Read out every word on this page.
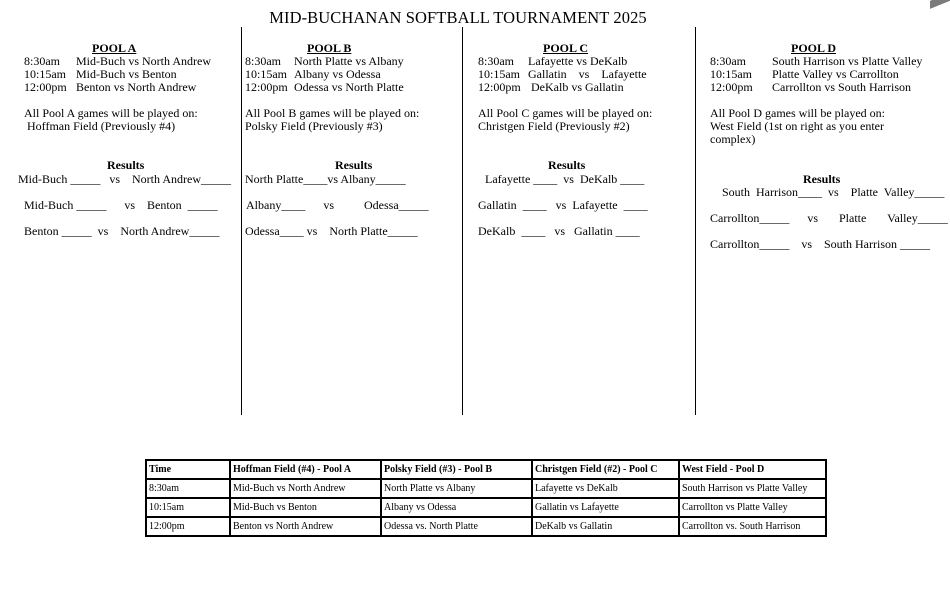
MID-BUCHANAN SOFTBALL TOURNAMENT 2025
POOL A
8:30am	Mid-Buch vs North Andrew
10:15am Mid-Buch vs Benton
12:00pm Benton vs North Andrew
All Pool A games will be played on:
Hoffman Field (Previously #4)
Results
Mid-Buch _____   vs    North Andrew_____
Mid-Buch _____      vs    Benton  _____
Benton _____  vs    North Andrew_____
POOL B
8:30am	North Platte vs Albany
10:15am Albany vs Odessa
12:00pm Odessa vs North Platte
All Pool B games will be played on:
Polsky Field (Previously #3)
Results
North Platte____vs Albany_____
Albany____      vs          Odessa_____
Odessa____ vs    North Platte_____
POOL C
8:30am	Lafayette vs DeKalb
10:15am Gallatin    vs    Lafayette
12:00pm DeKalb vs Gallatin
All Pool C games will be played on:
Christgen Field (Previously #2)
Results
Lafayette ____  vs  DeKalb ____
Gallatin  ____   vs  Lafayette  ____
DeKalb  ____   vs   Gallatin ____
POOL D
8:30am	South Harrison vs Platte Valley
10:15am	Platte Valley vs Carrollton
12:00pm	Carrollton vs South Harrison
All Pool D games will be played on:
West Field (1st on right as you enter complex)
Results
South  Harrison____  vs    Platte  Valley_____
Carrollton_____      vs       Platte       Valley_____
Carrollton_____    vs    South Harrison _____
Time	Hoffman Field (#4) - Pool A	Polsky Field (#3) - Pool B	Christgen Field (#2) - Pool C	West Field - Pool D
8:30am	Mid-Buch vs North Andrew	North Platte vs Albany	Lafayette vs DeKalb	South Harrison vs Platte Valley
10:15am	Mid-Buch vs Benton	Albany vs Odessa	Gallatin vs Lafayette	Carrollton vs Platte Valley
12:00pm	Benton vs North Andrew	Odessa vs. North Platte	DeKalb vs Gallatin	Carrollton vs. South Harrison
